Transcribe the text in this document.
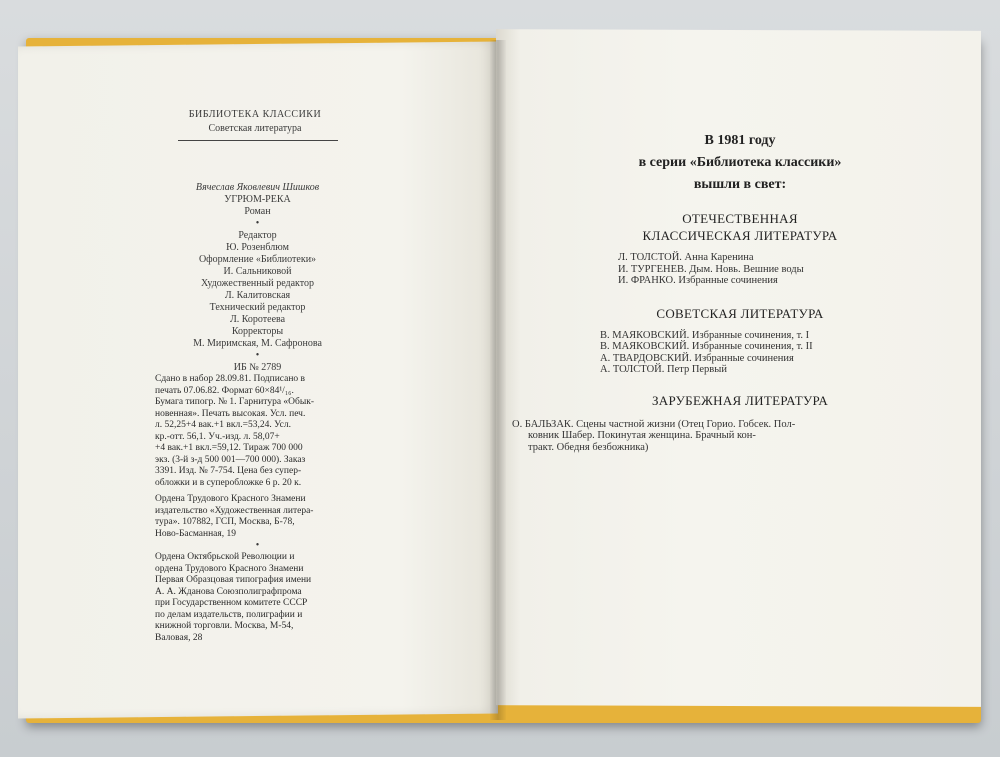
БИБЛИОТЕКА КЛАССИКИ
Советская литература
Вячеслав Яковлевич Шишков
УГРЮМ-РЕКА
Роман
•
Редактор
Ю. Розенблюм
Оформление «Библиотеки»
И. Сальниковой
Художественный редактор
Л. Калитовская
Технический редактор
Л. Коротеева
Корректоры
М. Миримская, М. Сафронова
•
ИБ № 2789
Сдано в набор 28.09.81. Подписано в
печать 07.06.82. Формат 60×84¹/₁₆.
Бумага типогр. № 1. Гарнитура «Обык-
новенная». Печать высокая. Усл. печ.
л. 52,25+4 вак.+1 вкл.=53,24. Усл.
кр.-отт. 56,1. Уч.-изд. л. 58,07+
+4 вак.+1 вкл.=59,12. Тираж 700 000
экз. (3-й з-д 500 001—700 000). Заказ
3391. Изд. № 7-754. Цена без супер-
обложки и в суперобложке 6 р. 20 к.
Ордена Трудового Красного Знамени
издательство «Художественная литера-
тура». 107882, ГСП, Москва, Б-78,
Ново-Басманная, 19
•
Ордена Октябрьской Революции и
ордена Трудового Красного Знамени
Первая Образцовая типография имени
А. А. Жданова Союзполиграфпрома
при Государственном комитете СССР
по делам издательств, полиграфии и
книжной торговли. Москва, М-54,
Валовая, 28
В 1981 году
в серии «Библиотека классики»
вышли в свет:
ОТЕЧЕСТВЕННАЯ
КЛАССИЧЕСКАЯ ЛИТЕРАТУРА
Л. ТОЛСТОЙ. Анна Каренина
И. ТУРГЕНЕВ. Дым. Новь. Вешние воды
И. ФРАНКО. Избранные сочинения
СОВЕТСКАЯ ЛИТЕРАТУРА
В. МАЯКОВСКИЙ. Избранные сочинения, т. I
В. МАЯКОВСКИЙ. Избранные сочинения, т. II
А. ТВАРДОВСКИЙ. Избранные сочинения
А. ТОЛСТОЙ. Петр Первый
ЗАРУБЕЖНАЯ ЛИТЕРАТУРА
О. БАЛЬЗАК. Сцены частной жизни (Отец Горио. Гобсек. Пол-
ковник Шабер. Покинутая женщина. Брачный кон-
тракт. Обедня безбожника)
